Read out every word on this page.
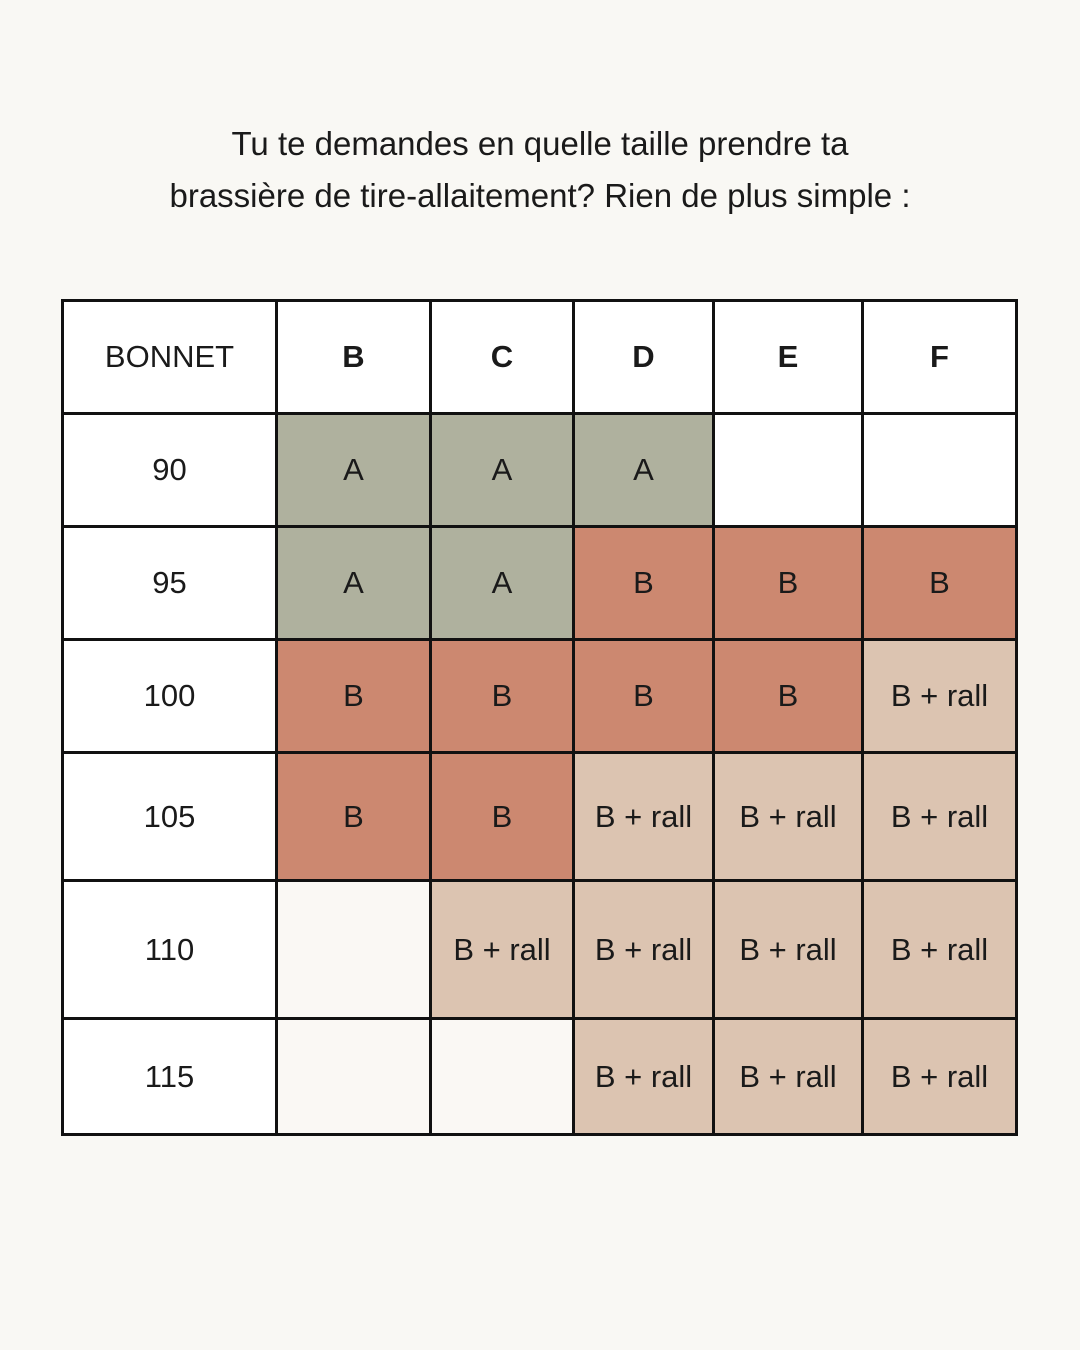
Tu te demandes en quelle taille prendre ta
brassière de tire-allaitement? Rien de plus simple :
BONNET	B	C	D	E	F
90	A	A	A		
95	A	A	B	B	B
100	B	B	B	B	B + rall
105	B	B	B + rall	B + rall	B + rall
110		B + rall	B + rall	B + rall	B + rall
115			B + rall	B + rall	B + rall
